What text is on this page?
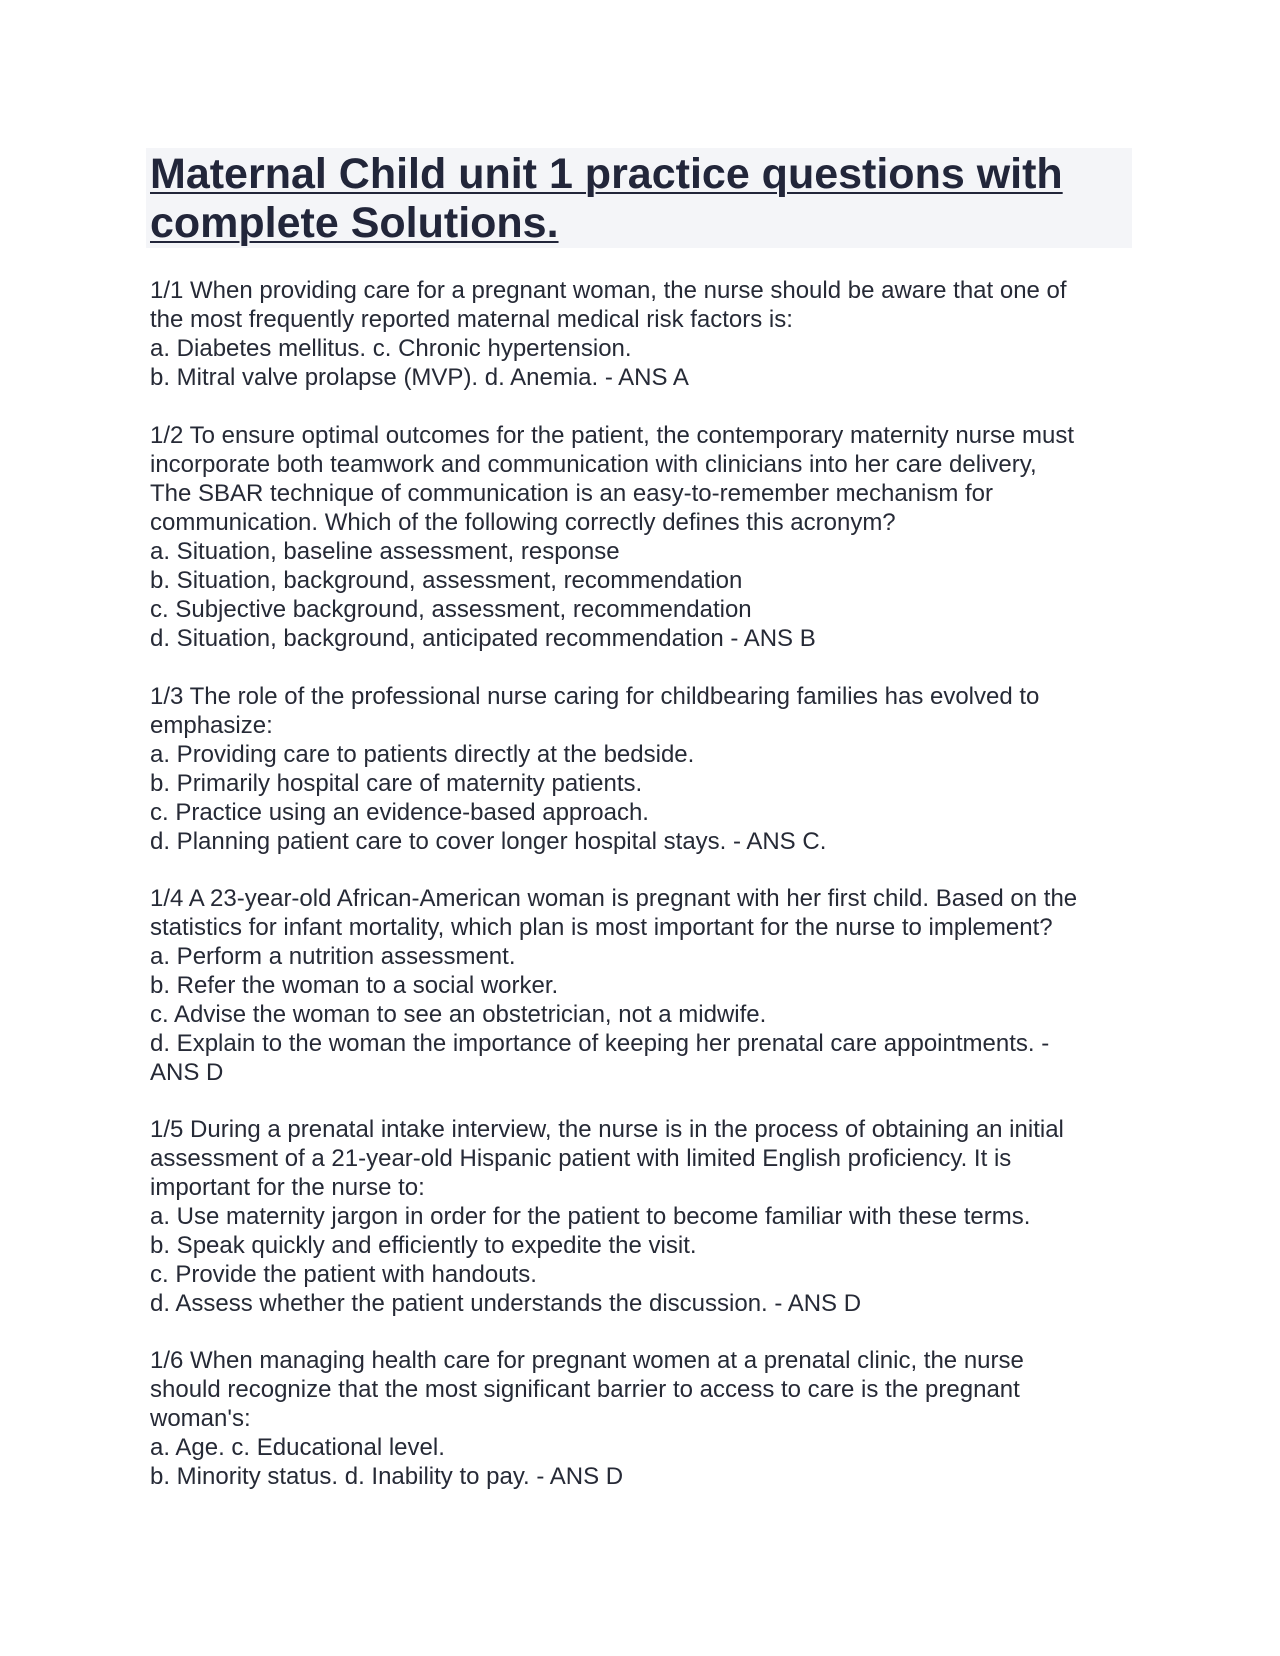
Maternal Child unit 1 practice questions with
complete Solutions.
1/1 When providing care for a pregnant woman, the nurse should be aware that one of
the most frequently reported maternal medical risk factors is:
a. Diabetes mellitus. c. Chronic hypertension.
b. Mitral valve prolapse (MVP). d. Anemia. - ANS A
1/2 To ensure optimal outcomes for the patient, the contemporary maternity nurse must
incorporate both teamwork and communication with clinicians into her care delivery,
The SBAR technique of communication is an easy-to-remember mechanism for
communication. Which of the following correctly defines this acronym?
a. Situation, baseline assessment, response
b. Situation, background, assessment, recommendation
c. Subjective background, assessment, recommendation
d. Situation, background, anticipated recommendation - ANS B
1/3 The role of the professional nurse caring for childbearing families has evolved to
emphasize:
a. Providing care to patients directly at the bedside.
b. Primarily hospital care of maternity patients.
c. Practice using an evidence-based approach.
d. Planning patient care to cover longer hospital stays. - ANS C.
1/4 A 23-year-old African-American woman is pregnant with her first child. Based on the
statistics for infant mortality, which plan is most important for the nurse to implement?
a. Perform a nutrition assessment.
b. Refer the woman to a social worker.
c. Advise the woman to see an obstetrician, not a midwife.
d. Explain to the woman the importance of keeping her prenatal care appointments. -
ANS D
1/5 During a prenatal intake interview, the nurse is in the process of obtaining an initial
assessment of a 21-year-old Hispanic patient with limited English proficiency. It is
important for the nurse to:
a. Use maternity jargon in order for the patient to become familiar with these terms.
b. Speak quickly and efficiently to expedite the visit.
c. Provide the patient with handouts.
d. Assess whether the patient understands the discussion. - ANS D
1/6 When managing health care for pregnant women at a prenatal clinic, the nurse
should recognize that the most significant barrier to access to care is the pregnant
woman's:
a. Age. c. Educational level.
b. Minority status. d. Inability to pay. - ANS D
